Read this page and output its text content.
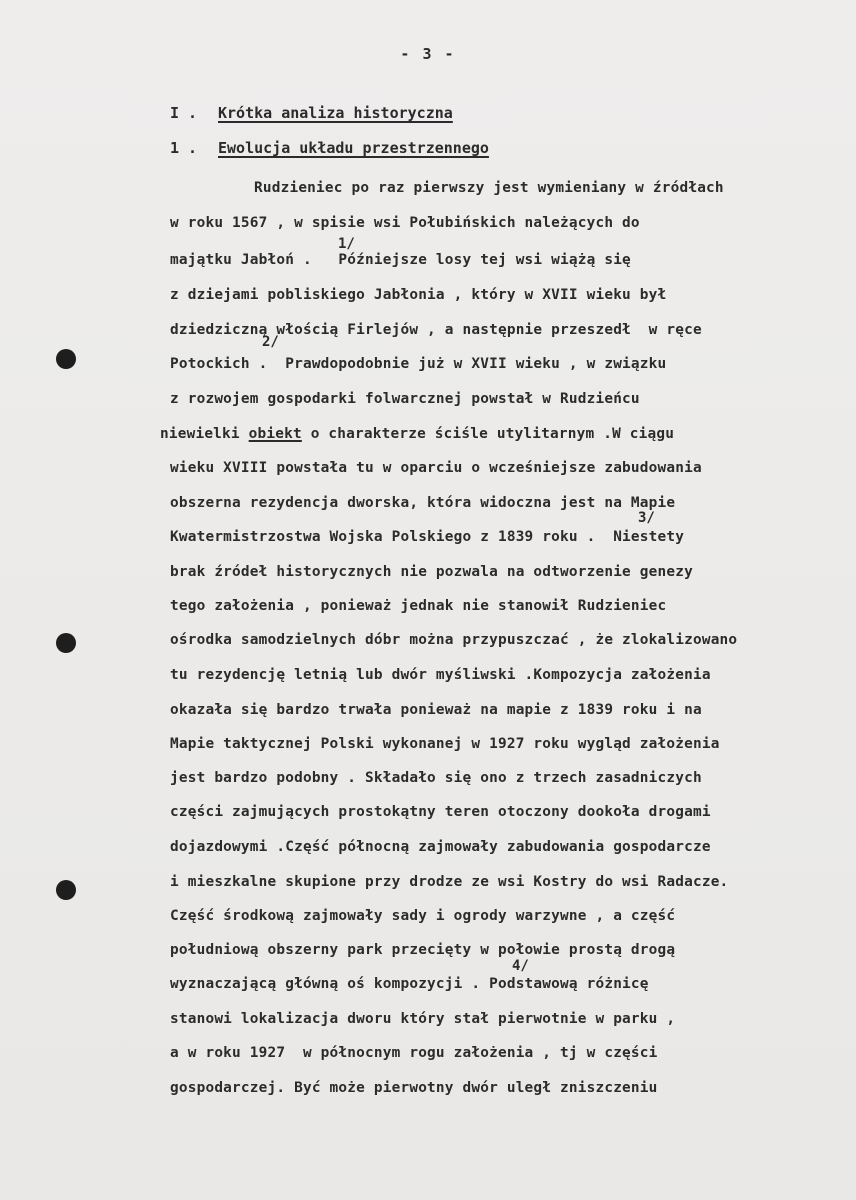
- 3 -
I . Krótka analiza historyczna
1 . Ewolucja układu przestrzennego
Rudzieniec po raz pierwszy jest wymieniany w źródłach
w roku 1567 , w spisie wsi Połubińskich należących do
1/
majątku Jabłoń .   Późniejsze losy tej wsi wiążą się
z dziejami pobliskiego Jabłonia , który w XVII wieku był
dziedziczną włością Firlejów , a następnie przeszedł  w ręce
2/
Potockich .  Prawdopodobnie już w XVII wieku , w związku
z rozwojem gospodarki folwarcznej powstał w Rudzieńcu
niewielki obiekt o charakterze ściśle utylitarnym .W ciągu
wieku XVIII powstała tu w oparciu o wcześniejsze zabudowania
obszerna rezydencja dworska, która widoczna jest na Mapie
3/
Kwatermistrzostwa Wojska Polskiego z 1839 roku .  Niestety
brak źródeł historycznych nie pozwala na odtworzenie genezy
tego założenia , ponieważ jednak nie stanowił Rudzieniec
ośrodka samodzielnych dóbr można przypuszczać , że zlokalizowano
tu rezydencję letnią lub dwór myśliwski .Kompozycja założenia
okazała się bardzo trwała ponieważ na mapie z 1839 roku i na
Mapie taktycznej Polski wykonanej w 1927 roku wygląd założenia
jest bardzo podobny . Składało się ono z trzech zasadniczych
części zajmujących prostokątny teren otoczony dookoła drogami
dojazdowymi .Część północną zajmowały zabudowania gospodarcze
i mieszkalne skupione przy drodze ze wsi Kostry do wsi Radacze.
Część środkową zajmowały sady i ogrody warzywne , a część
południową obszerny park przecięty w połowie prostą drogą
4/
wyznaczającą główną oś kompozycji . Podstawową różnicę
stanowi lokalizacja dworu który stał pierwotnie w parku ,
a w roku 1927  w północnym rogu założenia , tj w części
gospodarczej. Być może pierwotny dwór uległ zniszczeniu
